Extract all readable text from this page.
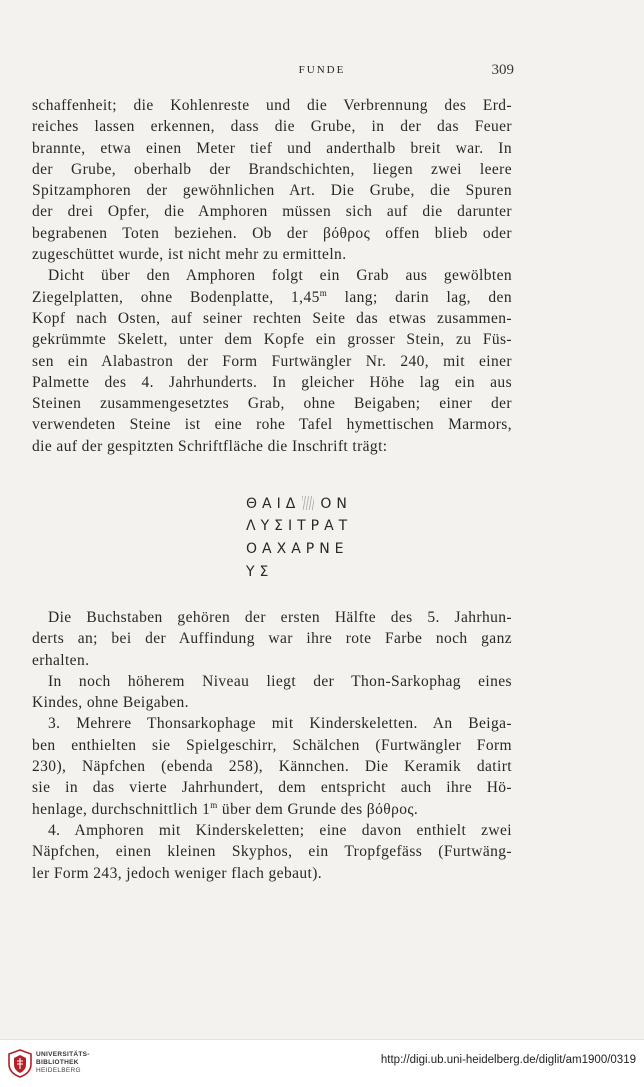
FUNDE	309
schaffenheit; die Kohlenreste und die Verbrennung des Erd-
reiches lassen erkennen, dass die Grube, in der das Feuer
brannte, etwa einen Meter tief und anderthalb breit war. In
der Grube, oberhalb der Brandschichten, liegen zwei leere
Spitzamphoren der gewöhnlichen Art. Die Grube, die Spuren
der drei Opfer, die Amphoren müssen sich auf die darunter
begrabenen Toten beziehen. Ob der βόθρος offen blieb oder
zugeschüttet wurde, ist nicht mehr zu ermitteln.
Dicht über den Amphoren folgt ein Grab aus gewölbten
Ziegelplatten, ohne Bodenplatte, 1,45$^m$ lang; darin lag, den
Kopf nach Osten, auf seiner rechten Seite das etwas zusammen-
gekrümmte Skelett, unter dem Kopfe ein grosser Stein, zu Füs-
sen ein Alabastron der Form Furtwängler Nr. 240, mit einer
Palmette des 4. Jahrhunderts. In gleicher Höhe lag ein aus
Steinen zusammengesetztes Grab, ohne Beigaben; einer der
verwendeten Steine ist eine rohe Tafel hymettischen Marmors,
die auf der gespitzten Schriftfläche die Inschrift trägt:
ΘΑΙΔ ΟΝ
ΛΥΣΙΤΡΑΤ
ΟΑΧΑΡΝΕ
ΥΣ
Die Buchstaben gehören der ersten Hälfte des 5. Jahrhun-
derts an; bei der Auffindung war ihre rote Farbe noch ganz
erhalten.
In noch höherem Niveau liegt der Thon-Sarkophag eines
Kindes, ohne Beigaben.
3. Mehrere Thonsarkophage mit Kinderskeletten. An Beiga-
ben enthielten sie Spielgeschirr, Schälchen (Furtwängler Form
230), Näpfchen (ebenda 258), Kännchen. Die Keramik datirt
sie in das vierte Jahrhundert, dem entspricht auch ihre Hö-
henlage, durchschnittlich 1$^m$ über dem Grunde des βόθρος.
4. Amphoren mit Kinderskeletten; eine davon enthielt zwei
Näpfchen, einen kleinen Skyphos, ein Tropfgefäss (Furtwäng-
ler Form 243, jedoch weniger flach gebaut).
UNIVERSITÄTS-
BIBLIOTHEK
HEIDELBERG
http://digi.ub.uni-heidelberg.de/diglit/am1900/0319
